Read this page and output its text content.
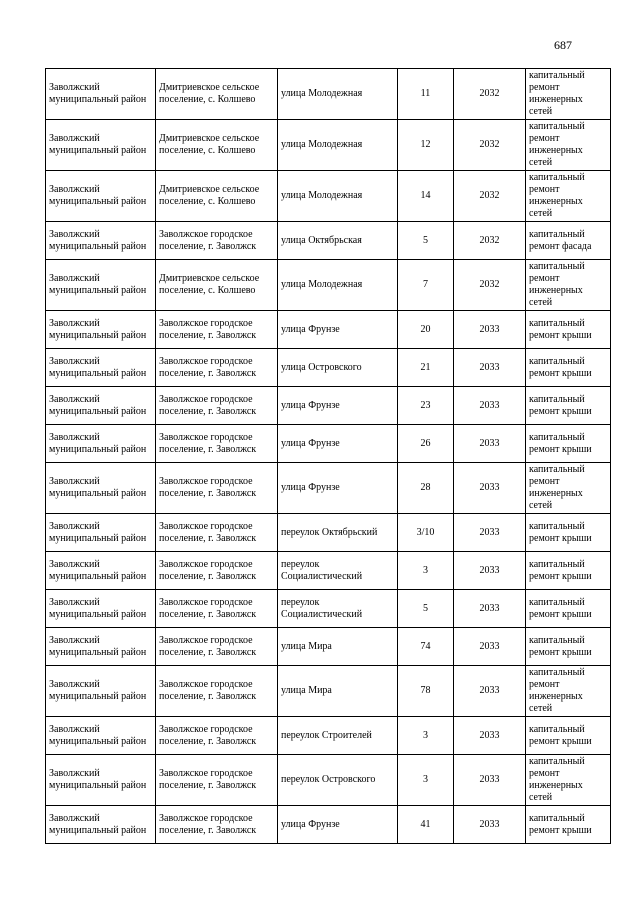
687
Заволжский муниципальный район	Дмитриевское сельское поселение, с. Колшево	улица Молодежная	11	2032	капитальный ремонт инженерных сетей
Заволжский муниципальный район	Дмитриевское сельское поселение, с. Колшево	улица Молодежная	12	2032	капитальный ремонт инженерных сетей
Заволжский муниципальный район	Дмитриевское сельское поселение, с. Колшево	улица Молодежная	14	2032	капитальный ремонт инженерных сетей
Заволжский муниципальный район	Заволжское городское поселение, г. Заволжск	улица Октябрьская	5	2032	капитальный ремонт фасада
Заволжский муниципальный район	Дмитриевское сельское поселение, с. Колшево	улица Молодежная	7	2032	капитальный ремонт инженерных сетей
Заволжский муниципальный район	Заволжское городское поселение, г. Заволжск	улица Фрунзе	20	2033	капитальный ремонт крыши
Заволжский муниципальный район	Заволжское городское поселение, г. Заволжск	улица Островского	21	2033	капитальный ремонт крыши
Заволжский муниципальный район	Заволжское городское поселение, г. Заволжск	улица Фрунзе	23	2033	капитальный ремонт крыши
Заволжский муниципальный район	Заволжское городское поселение, г. Заволжск	улица Фрунзе	26	2033	капитальный ремонт крыши
Заволжский муниципальный район	Заволжское городское поселение, г. Заволжск	улица Фрунзе	28	2033	капитальный ремонт инженерных сетей
Заволжский муниципальный район	Заволжское городское поселение, г. Заволжск	переулок Октябрьский	3/10	2033	капитальный ремонт крыши
Заволжский муниципальный район	Заволжское городское поселение, г. Заволжск	переулок Социалистический	3	2033	капитальный ремонт крыши
Заволжский муниципальный район	Заволжское городское поселение, г. Заволжск	переулок Социалистический	5	2033	капитальный ремонт крыши
Заволжский муниципальный район	Заволжское городское поселение, г. Заволжск	улица Мира	74	2033	капитальный ремонт крыши
Заволжский муниципальный район	Заволжское городское поселение, г. Заволжск	улица Мира	78	2033	капитальный ремонт инженерных сетей
Заволжский муниципальный район	Заволжское городское поселение, г. Заволжск	переулок Строителей	3	2033	капитальный ремонт крыши
Заволжский муниципальный район	Заволжское городское поселение, г. Заволжск	переулок Островского	3	2033	капитальный ремонт инженерных сетей
Заволжский муниципальный район	Заволжское городское поселение, г. Заволжск	улица Фрунзе	41	2033	капитальный ремонт крыши
